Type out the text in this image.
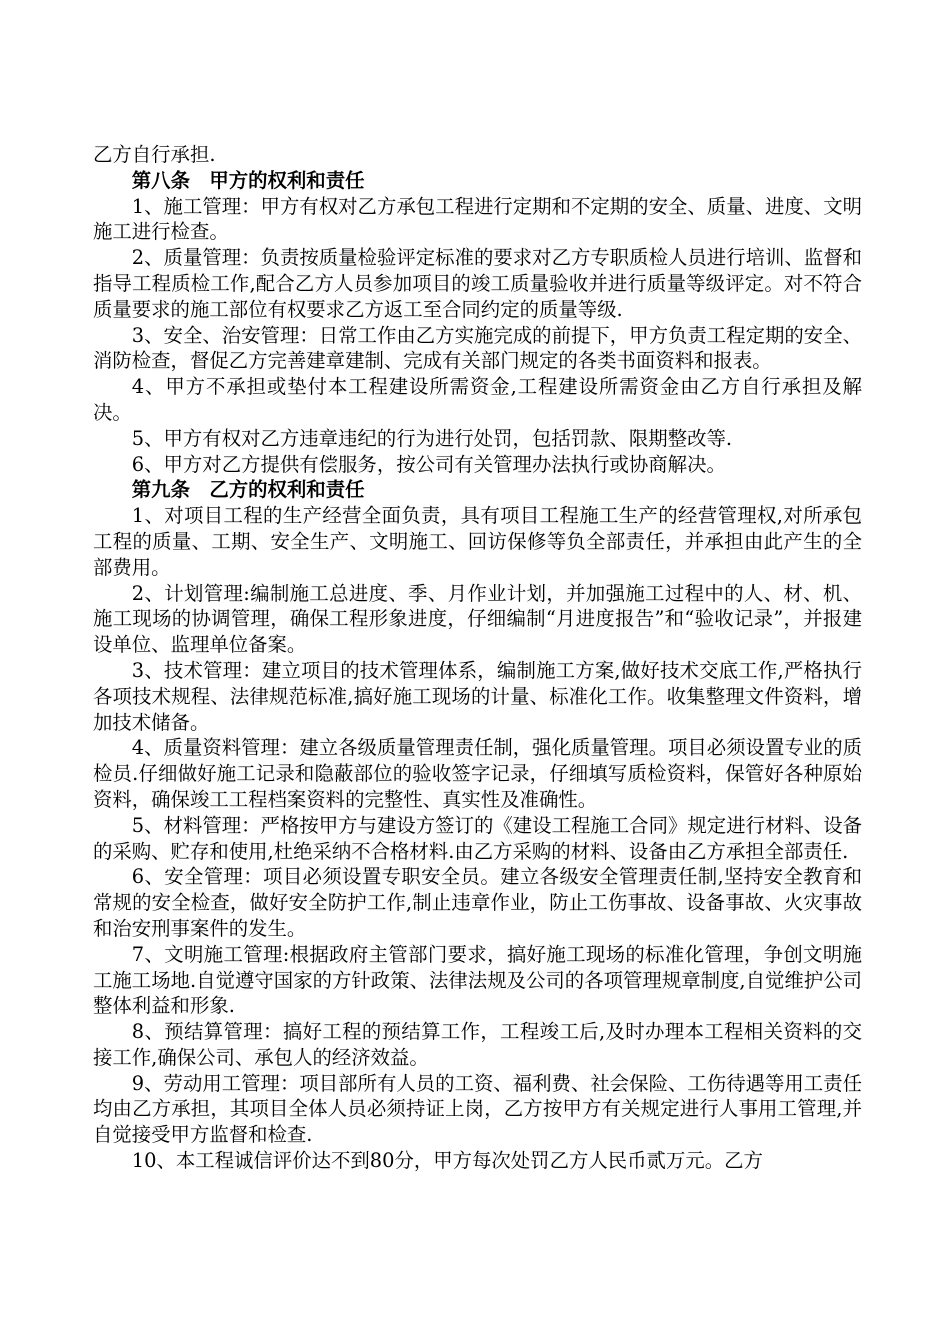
乙方自行承担.

第八条　甲方的权利和责任

1、施工管理：甲方有权对乙方承包工程进行定期和不定期的安全、质量、进度、文明施工进行检查。

2、质量管理：负责按质量检验评定标准的要求对乙方专职质检人员进行培训、监督和指导工程质检工作,配合乙方人员参加项目的竣工质量验收并进行质量等级评定。对不符合质量要求的施工部位有权要求乙方返工至合同约定的质量等级.

3、安全、治安管理：日常工作由乙方实施完成的前提下，甲方负责工程定期的安全、消防检查，督促乙方完善建章建制、完成有关部门规定的各类书面资料和报表。

4、甲方不承担或垫付本工程建设所需资金,工程建设所需资金由乙方自行承担及解决。

5、甲方有权对乙方违章违纪的行为进行处罚，包括罚款、限期整改等.

6、甲方对乙方提供有偿服务，按公司有关管理办法执行或协商解决。

第九条　乙方的权利和责任

1、对项目工程的生产经营全面负责，具有项目工程施工生产的经营管理权,对所承包工程的质量、工期、安全生产、文明施工、回访保修等负全部责任，并承担由此产生的全部费用。

2、计划管理:编制施工总进度、季、月作业计划，并加强施工过程中的人、材、机、施工现场的协调管理，确保工程形象进度，仔细编制“月进度报告”和“验收记录”，并报建设单位、监理单位备案。

3、技术管理：建立项目的技术管理体系，编制施工方案,做好技术交底工作,严格执行各项技术规程、法律规范标准,搞好施工现场的计量、标准化工作。收集整理文件资料，增加技术储备。

4、质量资料管理：建立各级质量管理责任制，强化质量管理。项目必须设置专业的质检员.仔细做好施工记录和隐蔽部位的验收签字记录，仔细填写质检资料，保管好各种原始资料，确保竣工工程档案资料的完整性、真实性及准确性。

5、材料管理：严格按甲方与建设方签订的《建设工程施工合同》规定进行材料、设备的采购、贮存和使用,杜绝采纳不合格材料.由乙方采购的材料、设备由乙方承担全部责任.

6、安全管理：项目必须设置专职安全员。建立各级安全管理责任制,坚持安全教育和常规的安全检查，做好安全防护工作,制止违章作业，防止工伤事故、设备事故、火灾事故和治安刑事案件的发生。

7、文明施工管理:根据政府主管部门要求，搞好施工现场的标准化管理，争创文明施工施工场地.自觉遵守国家的方针政策、法律法规及公司的各项管理规章制度,自觉维护公司整体利益和形象.

8、预结算管理：搞好工程的预结算工作，工程竣工后,及时办理本工程相关资料的交接工作,确保公司、承包人的经济效益。

9、劳动用工管理：项目部所有人员的工资、福利费、社会保险、工伤待遇等用工责任均由乙方承担，其项目全体人员必须持证上岗，乙方按甲方有关规定进行人事用工管理,并自觉接受甲方监督和检查.

10、本工程诚信评价达不到80分，甲方每次处罚乙方人民币贰万元。乙方
